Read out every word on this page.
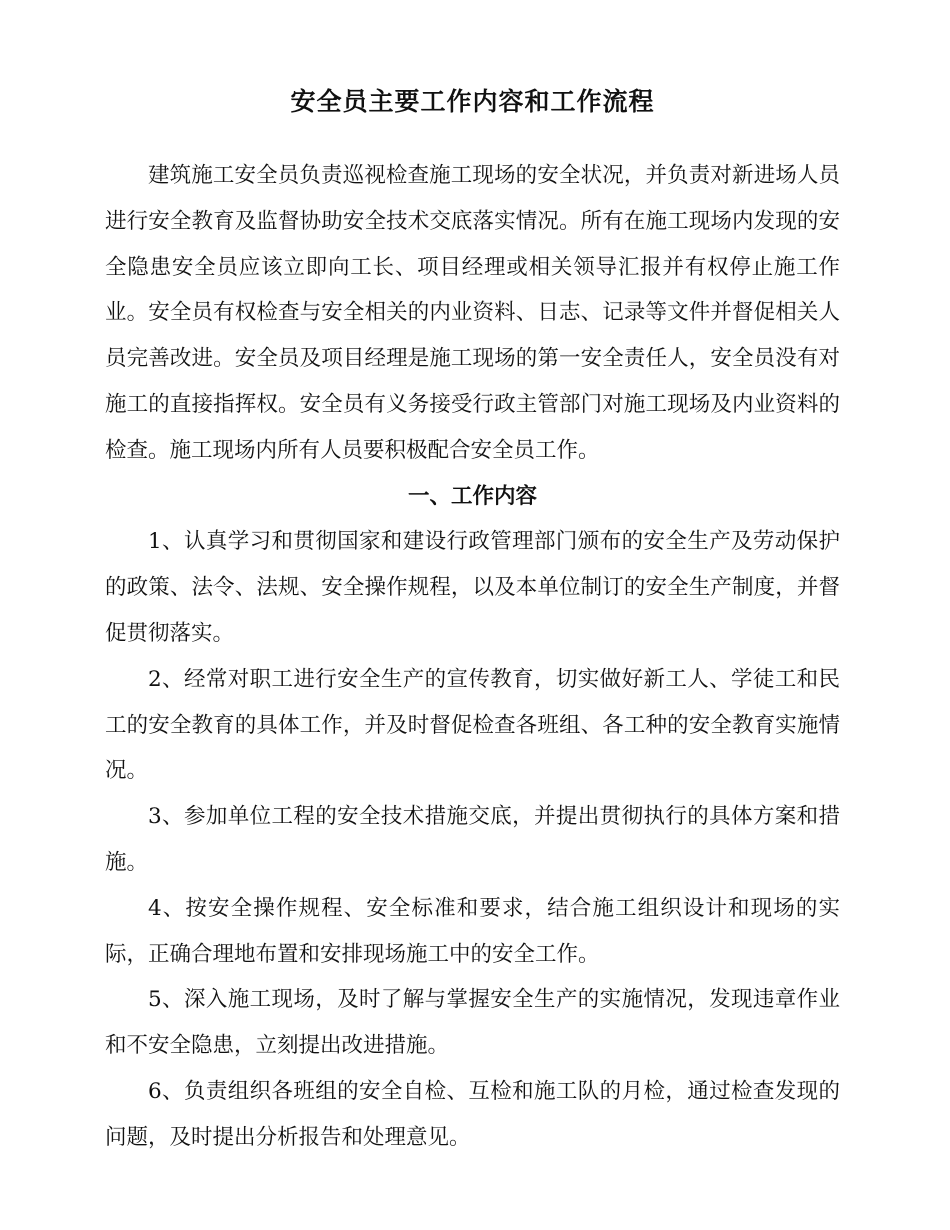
安全员主要工作内容和工作流程

建筑施工安全员负责巡视检查施工现场的安全状况，并负责对新进场人员进行安全教育及监督协助安全技术交底落实情况。所有在施工现场内发现的安全隐患安全员应该立即向工长、项目经理或相关领导汇报并有权停止施工作业。安全员有权检查与安全相关的内业资料、日志、记录等文件并督促相关人员完善改进。安全员及项目经理是施工现场的第一安全责任人，安全员没有对施工的直接指挥权。安全员有义务接受行政主管部门对施工现场及内业资料的检查。施工现场内所有人员要积极配合安全员工作。

一、工作内容

1、认真学习和贯彻国家和建设行政管理部门颁布的安全生产及劳动保护的政策、法令、法规、安全操作规程，以及本单位制订的安全生产制度，并督促贯彻落实。

2、经常对职工进行安全生产的宣传教育，切实做好新工人、学徒工和民工的安全教育的具体工作，并及时督促检查各班组、各工种的安全教育实施情况。

3、参加单位工程的安全技术措施交底，并提出贯彻执行的具体方案和措施。

4、按安全操作规程、安全标准和要求，结合施工组织设计和现场的实际，正确合理地布置和安排现场施工中的安全工作。

5、深入施工现场，及时了解与掌握安全生产的实施情况，发现违章作业和不安全隐患，立刻提出改进措施。

6、负责组织各班组的安全自检、互检和施工队的月检，通过检查发现的问题，及时提出分析报告和处理意见。
